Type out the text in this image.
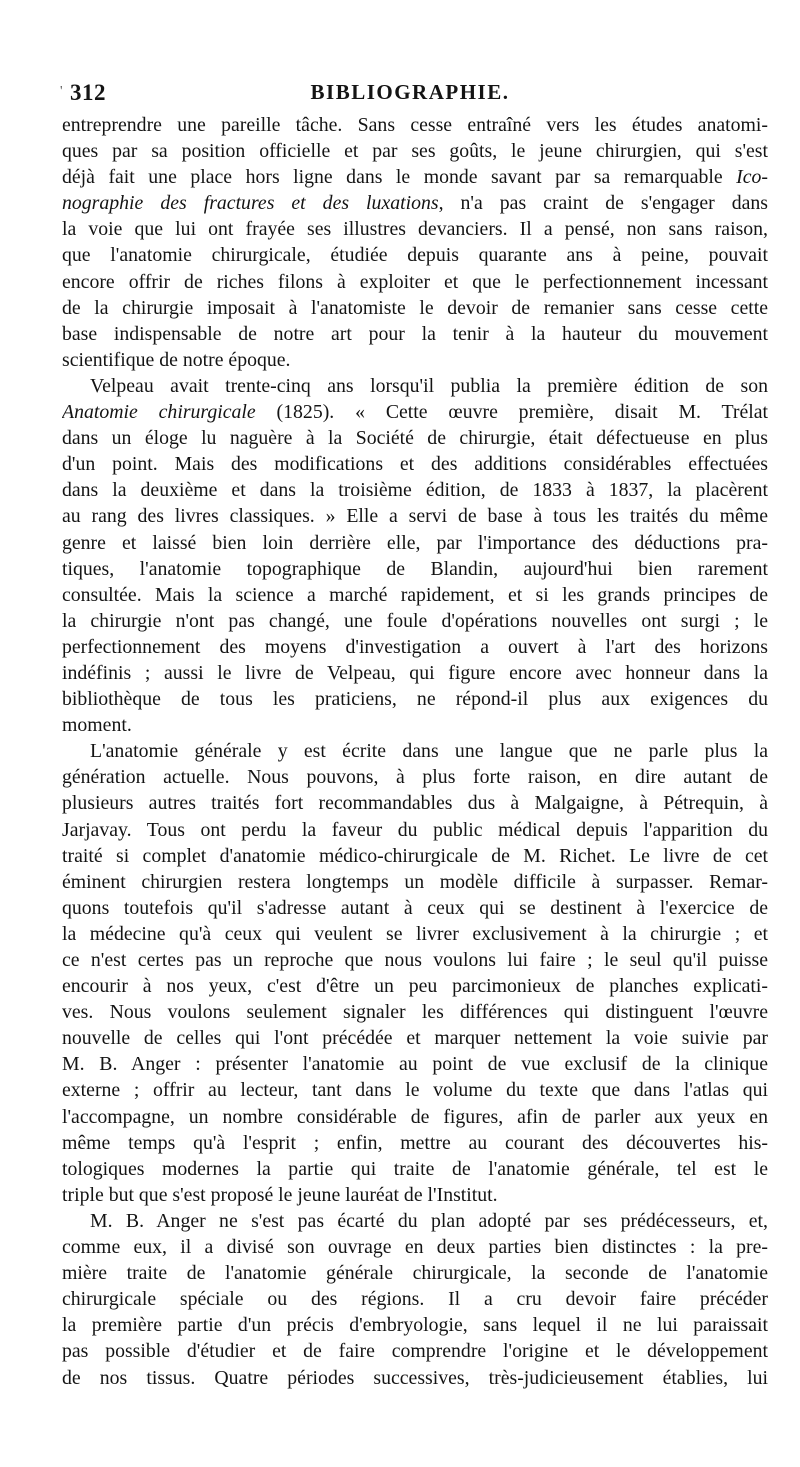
' 312	BIBLIOGRAPHIE.
entreprendre une pareille tâche. Sans cesse entraîné vers les études anatomi-
ques par sa position officielle et par ses goûts, le jeune chirurgien, qui s'est
déjà fait une place hors ligne dans le monde savant par sa remarquable Ico-
nographie des fractures et des luxations, n'a pas craint de s'engager dans
la voie que lui ont frayée ses illustres devanciers. Il a pensé, non sans raison,
que l'anatomie chirurgicale, étudiée depuis quarante ans à peine, pouvait
encore offrir de riches filons à exploiter et que le perfectionnement incessant
de la chirurgie imposait à l'anatomiste le devoir de remanier sans cesse cette
base indispensable de notre art pour la tenir à la hauteur du mouvement
scientifique de notre époque.
Velpeau avait trente-cinq ans lorsqu'il publia la première édition de son
Anatomie chirurgicale (1825). « Cette œuvre première, disait M. Trélat
dans un éloge lu naguère à la Société de chirurgie, était défectueuse en plus
d'un point. Mais des modifications et des additions considérables effectuées
dans la deuxième et dans la troisième édition, de 1833 à 1837, la placèrent
au rang des livres classiques. » Elle a servi de base à tous les traités du même
genre et laissé bien loin derrière elle, par l'importance des déductions pra-
tiques, l'anatomie topographique de Blandin, aujourd'hui bien rarement
consultée. Mais la science a marché rapidement, et si les grands principes de
la chirurgie n'ont pas changé, une foule d'opérations nouvelles ont surgi ; le
perfectionnement des moyens d'investigation a ouvert à l'art des horizons
indéfinis ; aussi le livre de Velpeau, qui figure encore avec honneur dans la
bibliothèque de tous les praticiens, ne répond-il plus aux exigences du
moment.
L'anatomie générale y est écrite dans une langue que ne parle plus la
génération actuelle. Nous pouvons, à plus forte raison, en dire autant de
plusieurs autres traités fort recommandables dus à Malgaigne, à Pétrequin, à
Jarjavay. Tous ont perdu la faveur du public médical depuis l'apparition du
traité si complet d'anatomie médico-chirurgicale de M. Richet. Le livre de cet
éminent chirurgien restera longtemps un modèle difficile à surpasser. Remar-
quons toutefois qu'il s'adresse autant à ceux qui se destinent à l'exercice de
la médecine qu'à ceux qui veulent se livrer exclusivement à la chirurgie ; et
ce n'est certes pas un reproche que nous voulons lui faire ; le seul qu'il puisse
encourir à nos yeux, c'est d'être un peu parcimonieux de planches explicati-
ves. Nous voulons seulement signaler les différences qui distinguent l'œuvre
nouvelle de celles qui l'ont précédée et marquer nettement la voie suivie par
M. B. Anger : présenter l'anatomie au point de vue exclusif de la clinique
externe ; offrir au lecteur, tant dans le volume du texte que dans l'atlas qui
l'accompagne, un nombre considérable de figures, afin de parler aux yeux en
même temps qu'à l'esprit ; enfin, mettre au courant des découvertes his-
tologiques modernes la partie qui traite de l'anatomie générale, tel est le
triple but que s'est proposé le jeune lauréat de l'Institut.
M. B. Anger ne s'est pas écarté du plan adopté par ses prédécesseurs, et,
comme eux, il a divisé son ouvrage en deux parties bien distinctes : la pre-
mière traite de l'anatomie générale chirurgicale, la seconde de l'anatomie
chirurgicale spéciale ou des régions. Il a cru devoir faire précéder
la première partie d'un précis d'embryologie, sans lequel il ne lui paraissait
pas possible d'étudier et de faire comprendre l'origine et le développement
de nos tissus. Quatre périodes successives, très-judicieusement établies, lui
